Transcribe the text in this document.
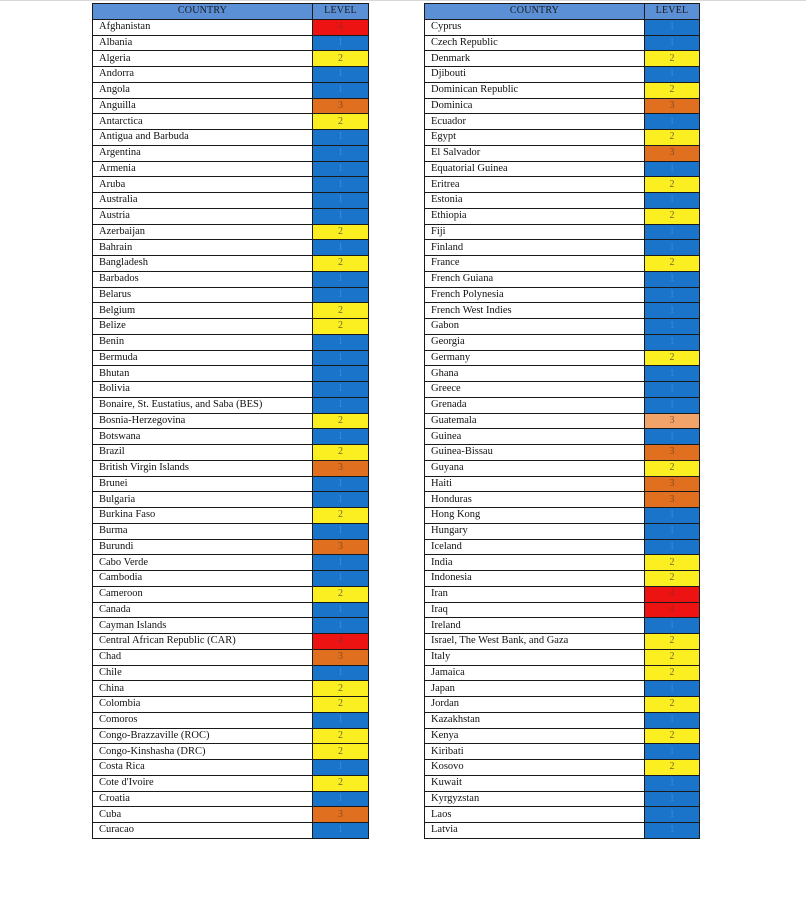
COUNTRY	LEVEL
Afghanistan	4
Albania	1
Algeria	2
Andorra	1
Angola	1
Anguilla	3
Antarctica	2
Antigua and Barbuda	1
Argentina	1
Armenia	1
Aruba	1
Australia	1
Austria	1
Azerbaijan	2
Bahrain	1
Bangladesh	2
Barbados	1
Belarus	1
Belgium	2
Belize	2
Benin	1
Bermuda	1
Bhutan	1
Bolivia	1
Bonaire, St. Eustatius, and Saba (BES)	1
Bosnia-Herzegovina	2
Botswana	1
Brazil	2
British Virgin Islands	3
Brunei	1
Bulgaria	1
Burkina Faso	2
Burma	1
Burundi	3
Cabo Verde	1
Cambodia	1
Cameroon	2
Canada	1
Cayman Islands	1
Central African Republic (CAR)	4
Chad	3
Chile	1
China	2
Colombia	2
Comoros	1
Congo-Brazzaville (ROC)	2
Congo-Kinshasha (DRC)	2
Costa Rica	1
Cote d'Ivoire	2
Croatia	1
Cuba	3
Curacao	1
COUNTRY	LEVEL
Cyprus	1
Czech Republic	1
Denmark	2
Djibouti	1
Dominican Republic	2
Dominica	3
Ecuador	1
Egypt	2
El Salvador	3
Equatorial Guinea	1
Eritrea	2
Estonia	1
Ethiopia	2
Fiji	1
Finland	1
France	2
French Guiana	1
French Polynesia	1
French West Indies	1
Gabon	1
Georgia	1
Germany	2
Ghana	1
Greece	1
Grenada	1
Guatemala	3
Guinea	1
Guinea-Bissau	3
Guyana	2
Haiti	3
Honduras	3
Hong Kong	1
Hungary	1
Iceland	1
India	2
Indonesia	2
Iran	4
Iraq	4
Ireland	1
Israel, The West Bank, and Gaza	2
Italy	2
Jamaica	2
Japan	1
Jordan	2
Kazakhstan	1
Kenya	2
Kiribati	1
Kosovo	2
Kuwait	1
Kyrgyzstan	1
Laos	1
Latvia	1
